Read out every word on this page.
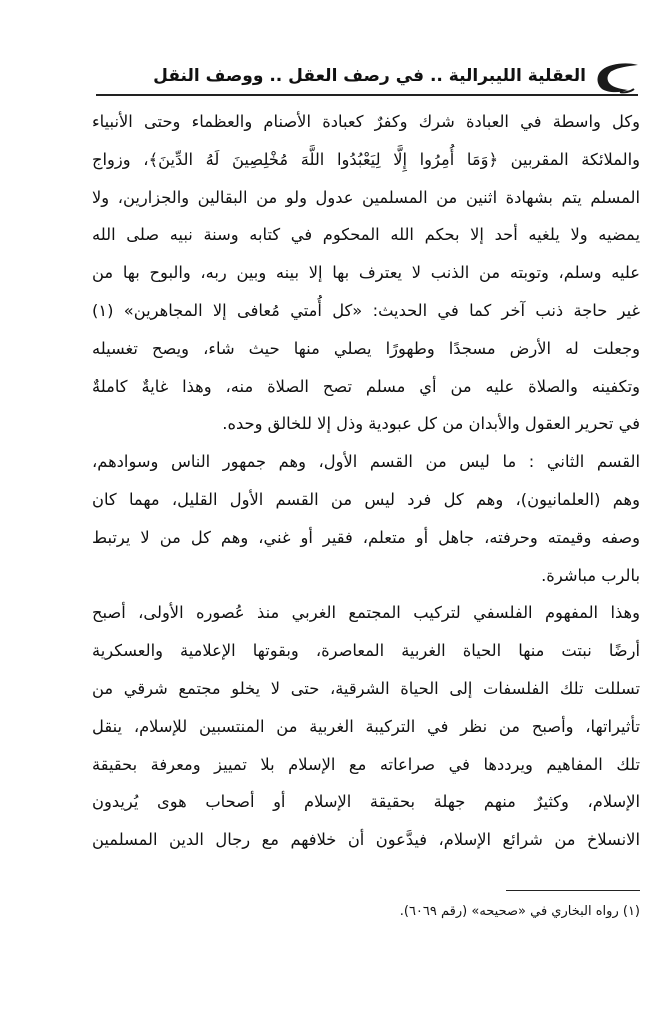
٥٤
العقلية الليبرالية .. في رصف العقل .. ووصف النقل
وكل واسطة في العبادة شرك وكفرٌ كعبادة الأصنام والعظماء وحتى الأنبياء
والملائكة المقربين ﴿وَمَا أُمِرُوا إِلَّا لِيَعْبُدُوا اللَّهَ مُخْلِصِينَ لَهُ الدِّينَ﴾، وزواج
المسلم يتم بشهادة اثنين من المسلمين عدول ولو من البقالين والجزارين، ولا
يمضيه ولا يلغيه أحد إلا بحكم الله المحكوم في كتابه وسنة نبيه صلى الله
عليه وسلم، وتوبته من الذنب لا يعترف بها إلا بينه وبين ربه، والبوح بها من
غير حاجة ذنب آخر كما في الحديث: «كل أُمتي مُعافى إلا المجاهرين» (١)
وجعلت له الأرض مسجدًا وطهورًا يصلي منها حيث شاء، ويصح تغسيله
وتكفينه والصلاة عليه من أي مسلم تصح الصلاة منه، وهذا غايةٌ كاملةٌ
في تحرير العقول والأبدان من كل عبودية وذل إلا للخالق وحده.
القسم الثاني : ما ليس من القسم الأول، وهم جمهور الناس وسوادهم،
وهم (العلمانيون)، وهم كل فرد ليس من القسم الأول القليل، مهما كان
وصفه وقيمته وحرفته، جاهل أو متعلم، فقير أو غني، وهم كل من لا يرتبط
بالرب مباشرة.
وهذا المفهوم الفلسفي لتركيب المجتمع الغربي منذ عُصوره الأولى، أصبح
أرضًا نبتت منها الحياة الغربية المعاصرة، وبقوتها الإعلامية والعسكرية
تسللت تلك الفلسفات إلى الحياة الشرقية، حتى لا يخلو مجتمع شرقي من
تأثيراتها، وأصبح من نظر في التركيبة الغربية من المنتسبين للإسلام، ينقل
تلك المفاهيم ويرددها في صراعاته مع الإسلام بلا تمييز ومعرفة بحقيقة
الإسلام، وكثيرٌ منهم جهلة بحقيقة الإسلام أو أصحاب هوى يُريدون
الانسلاخ من شرائع الإسلام، فيدَّعون أن خلافهم مع رجال الدين المسلمين
(١) رواه البخاري في «صحيحه» (رقم ٦٠٦٩).
